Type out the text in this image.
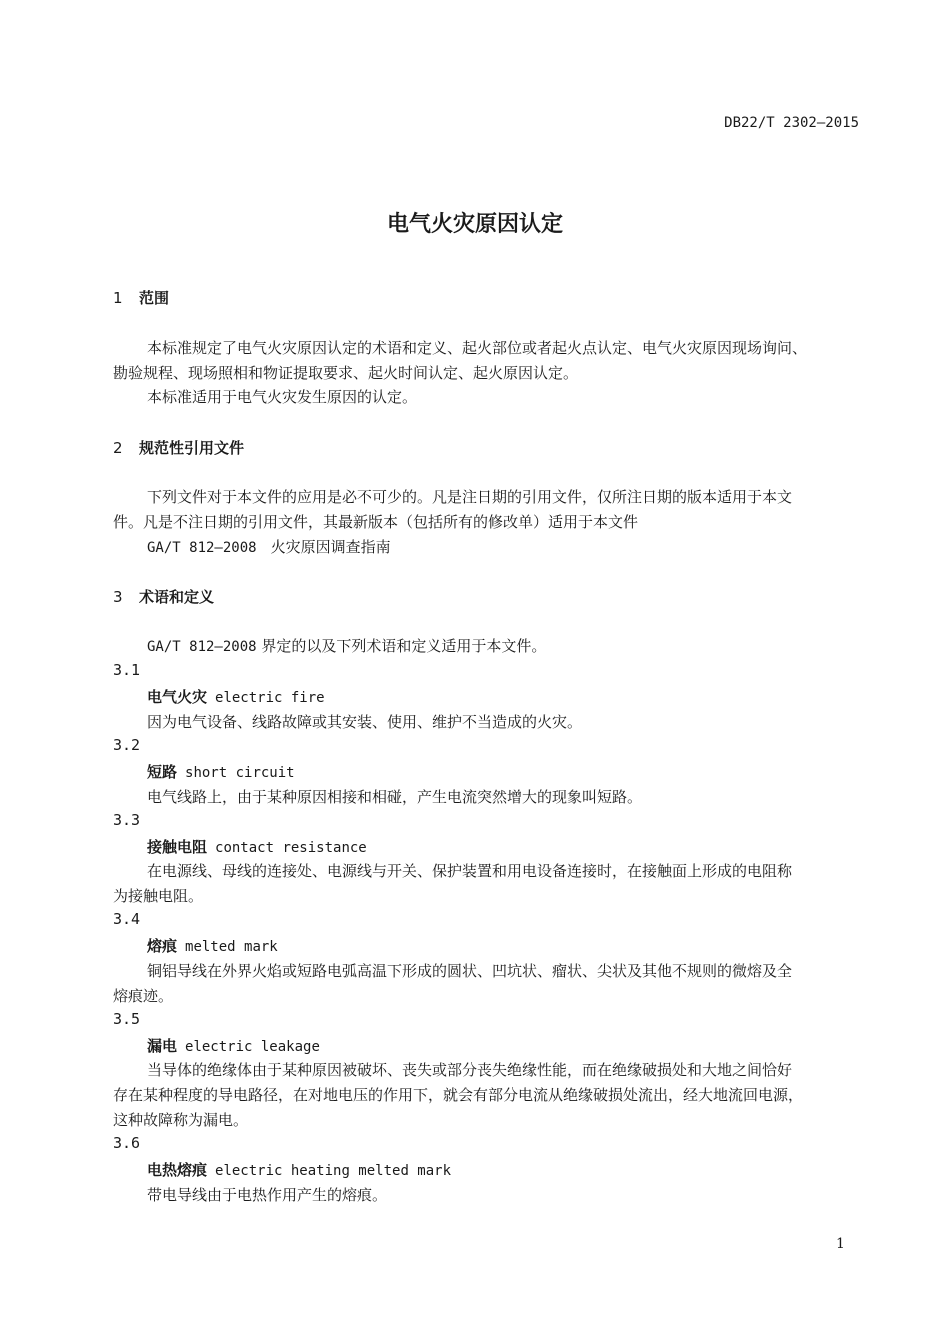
DB22/T 2302—2015
电气火灾原因认定
1 范围
本标准规定了电气火灾原因认定的术语和定义、起火部位或者起火点认定、电气火灾原因现场询问、
勘验规程、现场照相和物证提取要求、起火时间认定、起火原因认定。
本标准适用于电气火灾发生原因的认定。
2 规范性引用文件
下列文件对于本文件的应用是必不可少的。凡是注日期的引用文件，仅所注日期的版本适用于本文
件。凡是不注日期的引用文件，其最新版本（包括所有的修改单）适用于本文件
GA/T 812—2008 火灾原因调查指南
3 术语和定义
GA/T 812—2008 界定的以及下列术语和定义适用于本文件。
3.1
电气火灾 electric fire
因为电气设备、线路故障或其安装、使用、维护不当造成的火灾。
3.2
短路 short circuit
电气线路上，由于某种原因相接和相碰，产生电流突然增大的现象叫短路。
3.3
接触电阻 contact resistance
在电源线、母线的连接处、电源线与开关、保护装置和用电设备连接时，在接触面上形成的电阻称
为接触电阻。
3.4
熔痕 melted mark
铜铝导线在外界火焰或短路电弧高温下形成的圆状、凹坑状、瘤状、尖状及其他不规则的微熔及全
熔痕迹。
3.5
漏电 electric leakage
当导体的绝缘体由于某种原因被破坏、丧失或部分丧失绝缘性能，而在绝缘破损处和大地之间恰好
存在某种程度的导电路径，在对地电压的作用下，就会有部分电流从绝缘破损处流出，经大地流回电源，
这种故障称为漏电。
3.6
电热熔痕 electric heating melted mark
带电导线由于电热作用产生的熔痕。
1
